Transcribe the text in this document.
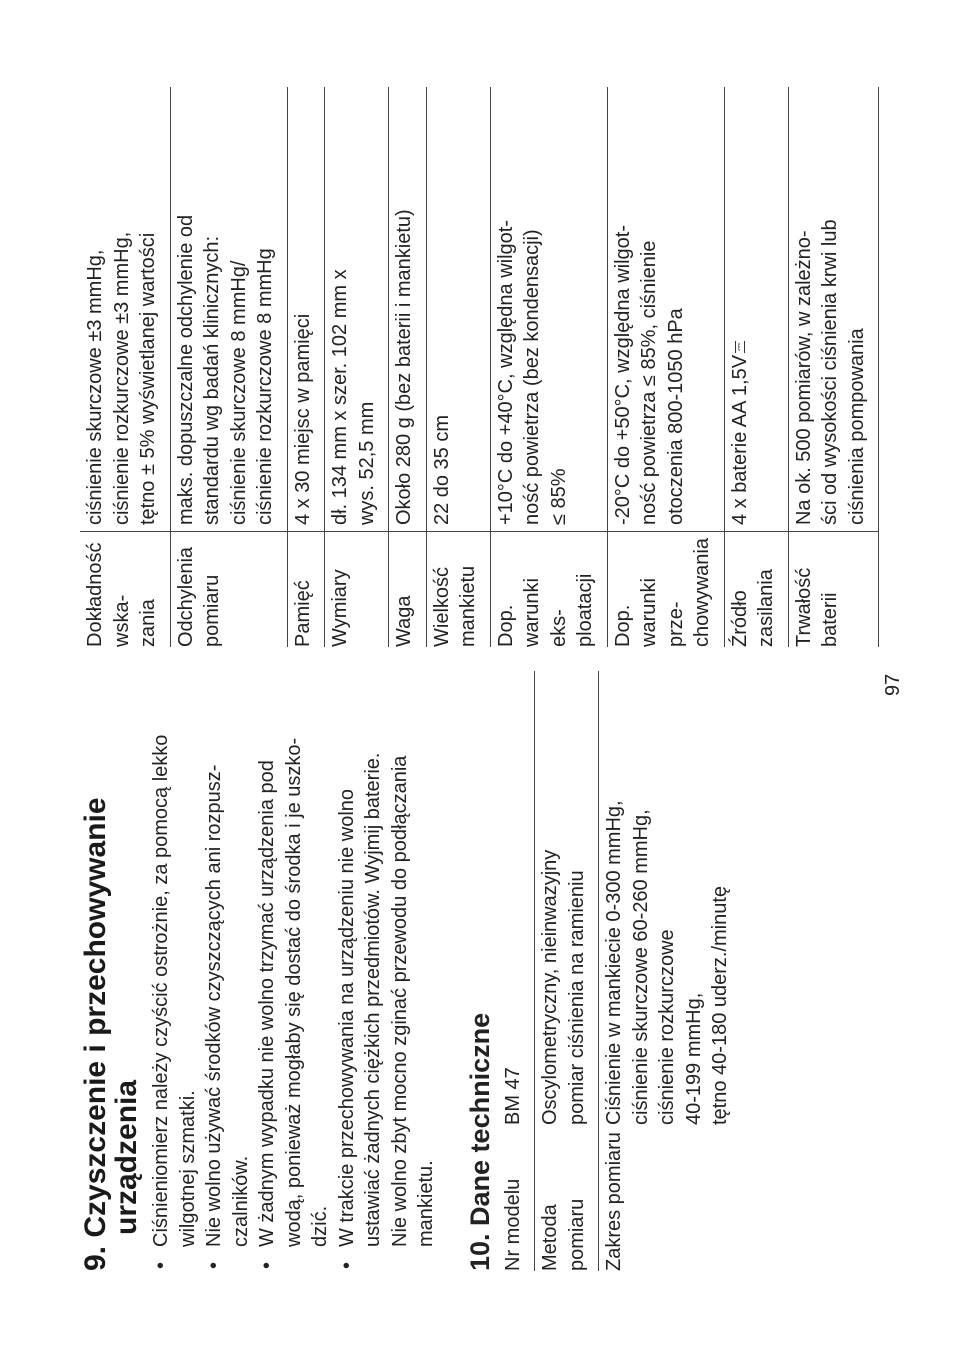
9. Czyszczenie i przechowywanie

urządzenia
•
Ciśnieniomierz należy czyścić ostrożnie, za pomocą lekko wilgotnej szmatki.
•
Nie wolno używać środków czyszczących ani rozpusz- czalników.
•
W żadnym wypadku nie wolno trzymać urządzenia pod wodą, ponieważ mogłaby się dostać do środka i je uszko- dzić.
•
W trakcie przechowywania na urządzeniu nie wolno ustawiać żadnych ciężkich przedmiotów. Wyjmij baterie. Nie wolno zbyt mocno zginać przewodu do podłączania mankietu. 10. Dane techniczne Nr modelu	BM 47

Metoda pomiaru	Oscylometryczny, nieinwazyjny pomiar ciśnienia na ramieniu

Zakres pomiaru	Ciśnienie w mankiecie 0-300 mmHg, ciśnienie skurczowe 60-260 mmHg, ciśnienie rozkurczowe 40-199 mmHg, tętno 40-180 uderz./minutę
Dokładność wska- zania	ciśnienie skurczowe ±3 mmHg, ciśnienie rozkurczowe ±3 mmHg, tętno ± 5% wyświetlanej wartości

Odchylenia pomiaru	maks. dopuszczalne odchylenie od standardu wg badań klinicznych: ciśnienie skurczowe 8 mmHg/ ciśnienie rozkurczowe 8 mmHg

Pamięć	4 x 30 miejsc w pamięci

Wymiary	dł. 134 mm x szer. 102 mm x wys. 52,5 mm

Waga	Około 280 g (bez baterii i mankietu)

Wielkość mankietu	22 do 35 cm

Dop. warunki eks- ploatacji	+10°C do +40°C, względna wilgot- ność powietrza (bez kondensacji) ≤ 85%

Dop. warunki prze- chowywania	-20°C do +50°C, względna wilgot- ność powietrza ≤ 85%, ciśnienie otoczenia 800-1050 hPa

Źródło zasilania	4 x baterie AA 1,5V⎓

Trwałość baterii	Na ok. 500 pomiarów, w zależno- ści od wysokości ciśnienia krwi lub ciśnienia pompowania
97
